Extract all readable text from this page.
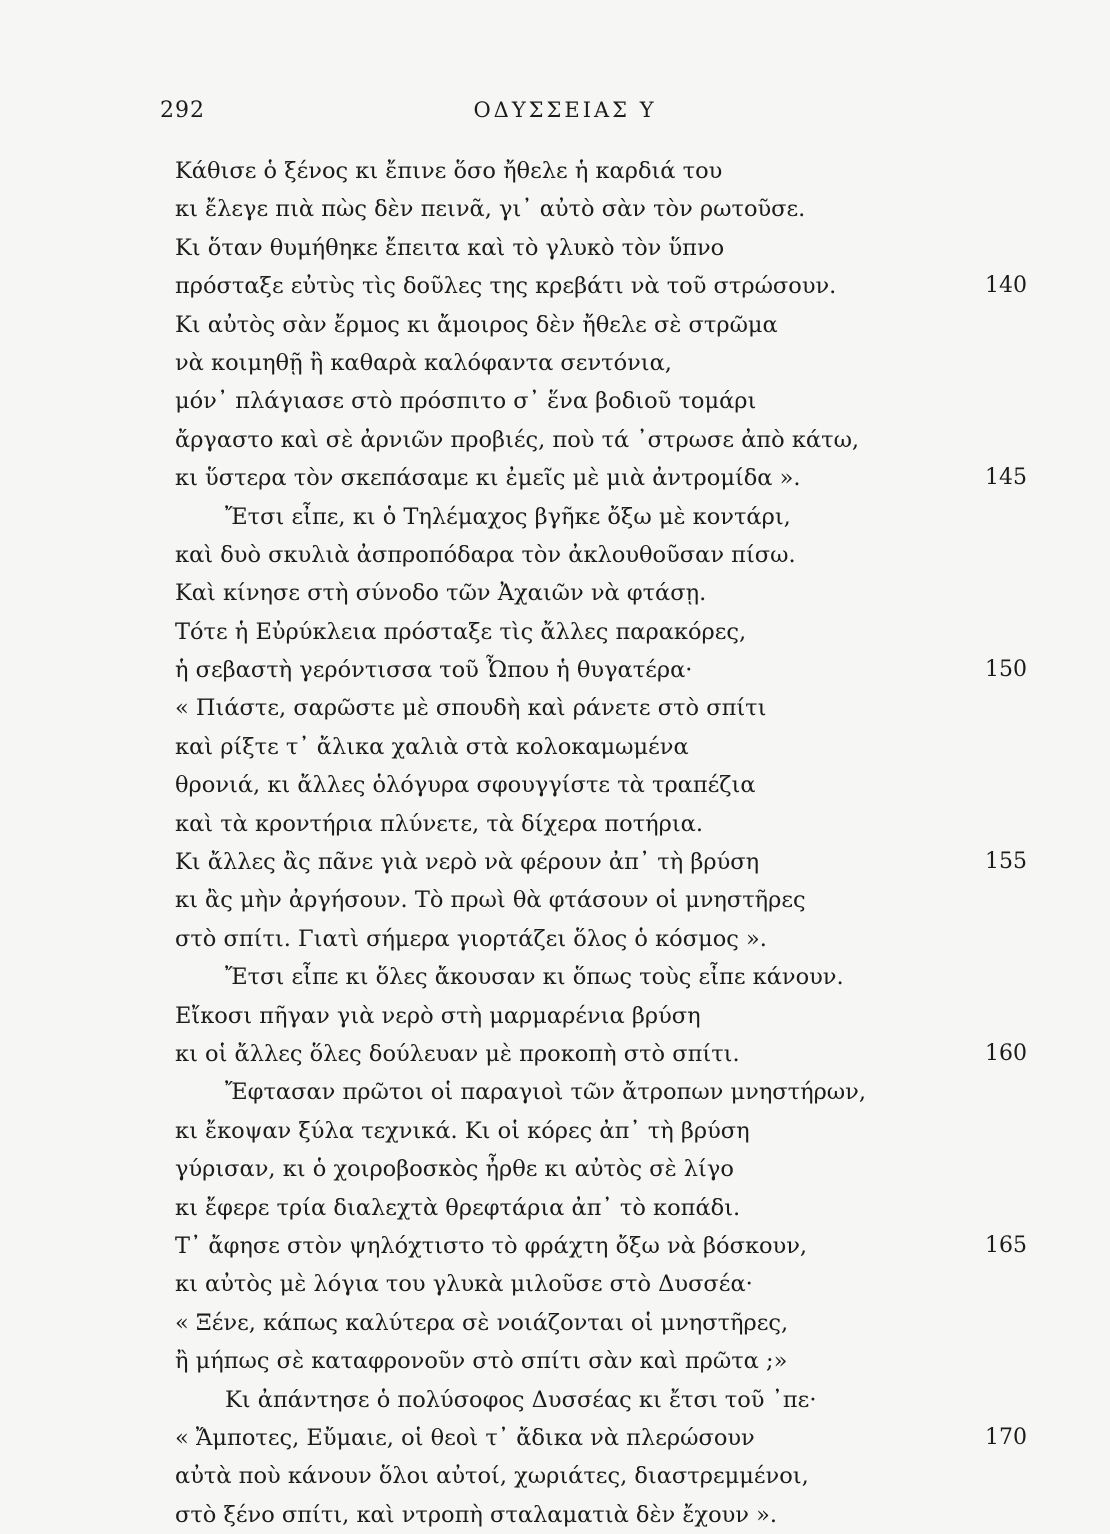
292	ΟΔΥΣΣΕΙΑΣ Υ
Κάθισε ὁ ξένος κι ἔπινε ὅσο ἤθελε ἡ καρδιά του
κι ἔλεγε πιὰ πὼς δὲν πεινᾶ, γι᾿ αὐτὸ σὰν τὸν ρωτοῦσε.
Κι ὅταν θυμήθηκε ἔπειτα καὶ τὸ γλυκὸ τὸν ὕπνο
πρόσταξε εὐτὺς τὶς δοῦλες της κρεβάτι νὰ τοῦ στρώσουν.	140
Κι αὐτὸς σὰν ἔρμος κι ἄμοιρος δὲν ἤθελε σὲ στρῶμα
νὰ κοιμηθῇ ἢ καθαρὰ καλόφαντα σεντόνια,
μόν᾿ πλάγιασε στὸ πρόσπιτο σ᾿ ἕνα βοδιοῦ τομάρι
ἄργαστο καὶ σὲ ἀρνιῶν προβιές, ποὺ τά ᾿στρωσε ἀπὸ κάτω,
κι ὕστερα τὸν σκεπάσαμε κι ἐμεῖς μὲ μιὰ ἀντρομίδα ».	145
Ἔτσι εἶπε, κι ὁ Τηλέμαχος βγῆκε ὄξω μὲ κοντάρι,
καὶ δυὸ σκυλιὰ ἀσπροπόδαρα τὸν ἀκλουθοῦσαν πίσω.
Καὶ κίνησε στὴ σύνοδο τῶν Ἀχαιῶν νὰ φτάσῃ.
Τότε ἡ Εὐρύκλεια πρόσταξε τὶς ἄλλες παρακόρες,
ἡ σεβαστὴ γερόντισσα τοῦ Ὦπου ἡ θυγατέρα·	150
« Πιάστε, σαρῶστε μὲ σπουδὴ καὶ ράνετε στὸ σπίτι
καὶ ρίξτε τ᾿ ἄλικα χαλιὰ στὰ κολοκαμωμένα
θρονιά, κι ἄλλες ὁλόγυρα σφουγγίστε τὰ τραπέζια
καὶ τὰ κροντήρια πλύνετε, τὰ δίχερα ποτήρια.
Κι ἄλλες ἂς πᾶνε γιὰ νερὸ νὰ φέρουν ἀπ᾿ τὴ βρύση	155
κι ἂς μὴν ἀργήσουν. Τὸ πρωὶ θὰ φτάσουν οἱ μνηστῆρες
στὸ σπίτι. Γιατὶ σήμερα γιορτάζει ὅλος ὁ κόσμος ».
Ἔτσι εἶπε κι ὅλες ἄκουσαν κι ὅπως τοὺς εἶπε κάνουν.
Εἴκοσι πῆγαν γιὰ νερὸ στὴ μαρμαρένια βρύση
κι οἱ ἄλλες ὅλες δούλευαν μὲ προκοπὴ στὸ σπίτι.	160
Ἔφτασαν πρῶτοι οἱ παραγιοὶ τῶν ἄτροπων μνηστήρων,
κι ἔκοψαν ξύλα τεχνικά. Κι οἱ κόρες ἀπ᾿ τὴ βρύση
γύρισαν, κι ὁ χοιροβοσκὸς ἦρθε κι αὐτὸς σὲ λίγο
κι ἔφερε τρία διαλεχτὰ θρεφτάρια ἀπ᾿ τὸ κοπάδι.
Τ᾿ ἄφησε στὸν ψηλόχτιστο τὸ φράχτη ὄξω νὰ βόσκουν,	165
κι αὐτὸς μὲ λόγια του γλυκὰ μιλοῦσε στὸ Δυσσέα·
« Ξένε, κάπως καλύτερα σὲ νοιάζονται οἱ μνηστῆρες,
ἢ μήπως σὲ καταφρονοῦν στὸ σπίτι σὰν καὶ πρῶτα ;»
Κι ἀπάντησε ὁ πολύσοφος Δυσσέας κι ἔτσι τοῦ ᾿πε·
« Ἄμποτες, Εὔμαιε, οἱ θεοὶ τ᾿ ἄδικα νὰ πλερώσουν	170
αὐτὰ ποὺ κάνουν ὅλοι αὐτοί, χωριάτες, διαστρεμμένοι,
στὸ ξένο σπίτι, καὶ ντροπὴ σταλαματιὰ δὲν ἔχουν ».
